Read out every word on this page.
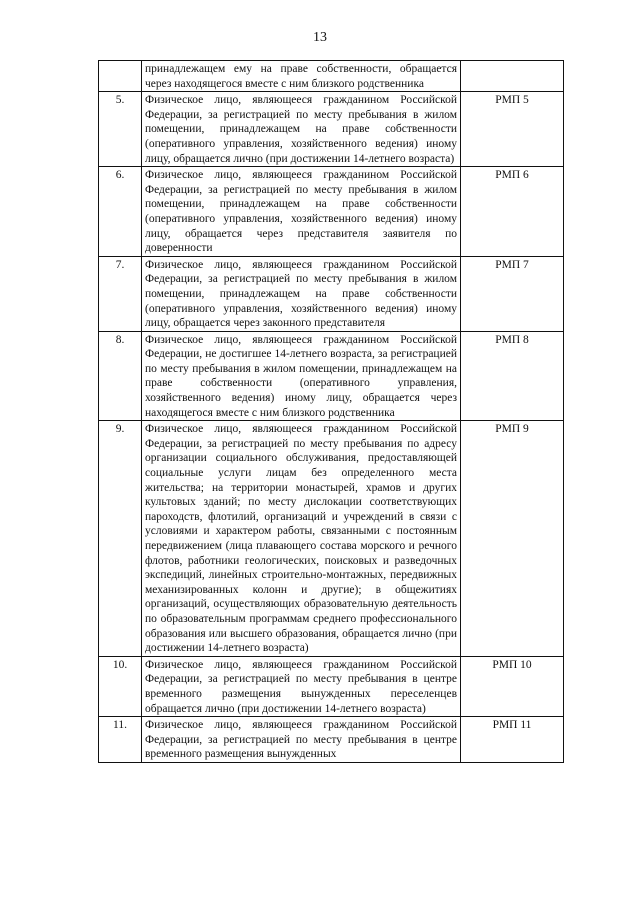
13
	принадлежащем ему на праве собственности, обращается через находящегося вместе с ним близкого родственника	
5.	Физическое лицо, являющееся гражданином Российской Федерации, за регистрацией по месту пребывания в жилом помещении, принадлежащем на праве собственности (оперативного управления, хозяйственного ведения) иному лицу, обращается лично (при достижении 14-летнего возраста)	РМП 5
6.	Физическое лицо, являющееся гражданином Российской Федерации, за регистрацией по месту пребывания в жилом помещении, принадлежащем на праве собственности (оперативного управления, хозяйственного ведения) иному лицу, обращается через представителя заявителя по доверенности	РМП 6
7.	Физическое лицо, являющееся гражданином Российской Федерации, за регистрацией по месту пребывания в жилом помещении, принадлежащем на праве собственности (оперативного управления, хозяйственного ведения) иному лицу, обращается через законного представителя	РМП 7
8.	Физическое лицо, являющееся гражданином Российской Федерации, не достигшее 14-летнего возраста, за регистрацией по месту пребывания в жилом помещении, принадлежащем на праве собственности (оперативного управления, хозяйственного ведения) иному лицу, обращается через находящегося вместе с ним близкого родственника	РМП 8
9.	Физическое лицо, являющееся гражданином Российской Федерации, за регистрацией по месту пребывания по адресу организации социального обслуживания, предоставляющей социальные услуги лицам без определенного места жительства; на территории монастырей, храмов и других культовых зданий; по месту дислокации соответствующих пароходств, флотилий, организаций и учреждений в связи с условиями и характером работы, связанными с постоянным передвижением (лица плавающего состава морского и речного флотов, работники геологических, поисковых и разведочных экспедиций, линейных строительно-монтажных, передвижных механизированных колонн и другие); в общежитиях организаций, осуществляющих образовательную деятельность по образовательным программам среднего профессионального образования или высшего образования, обращается лично (при достижении 14-летнего возраста)	РМП 9
10.	Физическое лицо, являющееся гражданином Российской Федерации, за регистрацией по месту пребывания в центре временного размещения вынужденных переселенцев обращается лично (при достижении 14-летнего возраста)	РМП 10
11.	Физическое лицо, являющееся гражданином Российской Федерации, за регистрацией по месту пребывания в центре временного размещения вынужденных	РМП 11
